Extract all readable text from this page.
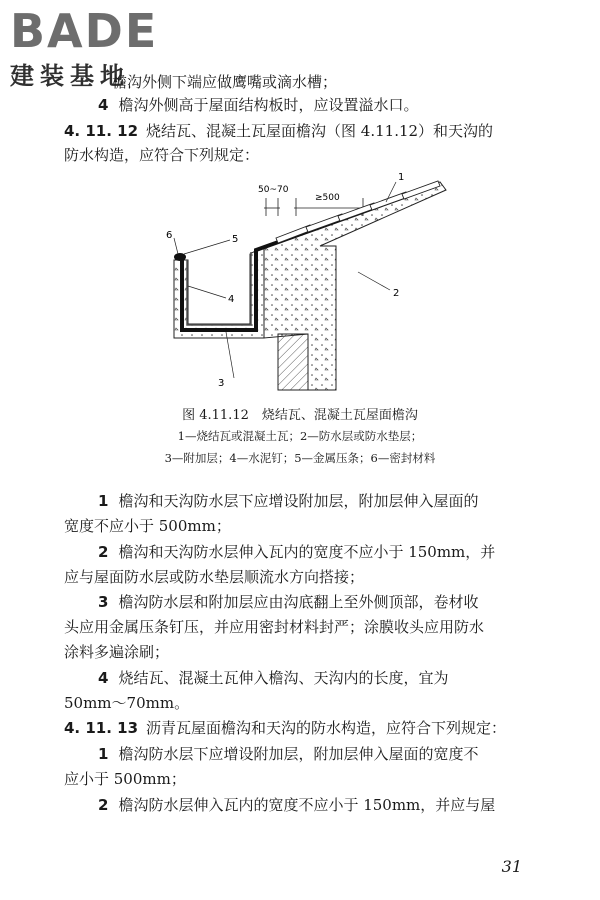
BADE
建装基地
檐沟外侧下端应做鹰嘴或滴水槽；
4 檐沟外侧高于屋面结构板时，应设置溢水口。
4. 11. 12 烧结瓦、混凝土瓦屋面檐沟（图 4.11.12）和天沟的
防水构造，应符合下列规定：
50~70
≥500
1
2
3
4
5
6
图 4.11.12　烧结瓦、混凝土瓦屋面檐沟
1—烧结瓦或混凝土瓦；2—防水层或防水垫层；
3—附加层；4—水泥钉；5—金属压条；6—密封材料
1 檐沟和天沟防水层下应增设附加层，附加层伸入屋面的
宽度不应小于 500mm；
2 檐沟和天沟防水层伸入瓦内的宽度不应小于 150mm，并
应与屋面防水层或防水垫层顺流水方向搭接；
3 檐沟防水层和附加层应由沟底翻上至外侧顶部，卷材收
头应用金属压条钉压，并应用密封材料封严；涂膜收头应用防水
涂料多遍涂刷；
4 烧结瓦、混凝土瓦伸入檐沟、天沟内的长度，宜为
50mm～70mm。
4. 11. 13 沥青瓦屋面檐沟和天沟的防水构造，应符合下列规定：
1 檐沟防水层下应增设附加层，附加层伸入屋面的宽度不
应小于 500mm；
2 檐沟防水层伸入瓦内的宽度不应小于 150mm，并应与屋
31
